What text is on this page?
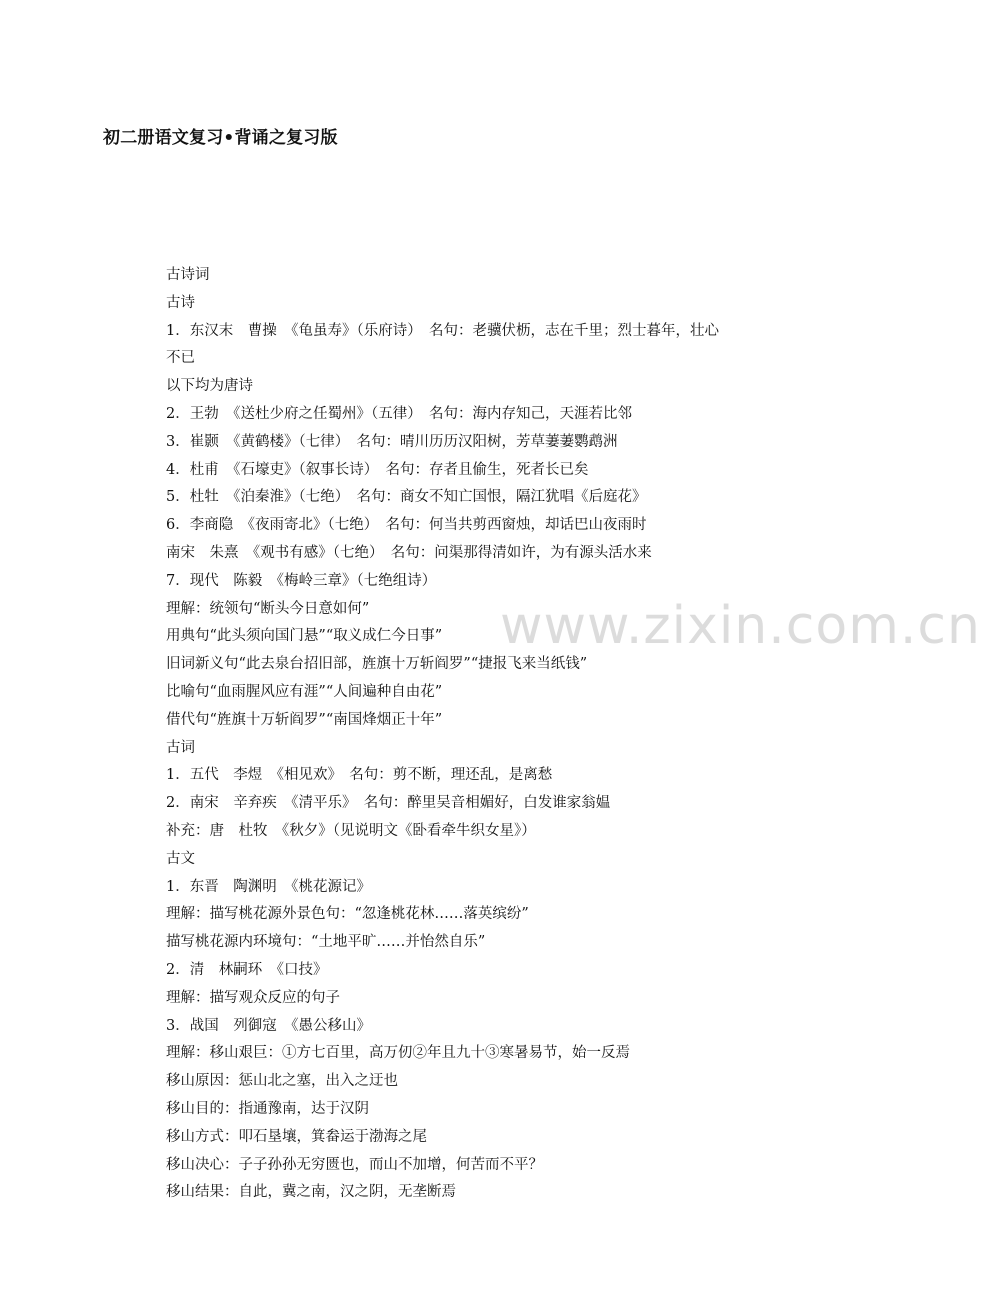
初二册语文复习•背诵之复习版
www.zixin.com.cn
古诗词
古诗
1．东汉末　曹操　《龟虽寿》（乐府诗）　名句：老骥伏枥，志在千里；烈士暮年，壮心
不已
以下均为唐诗
2．王勃　《送杜少府之任蜀州》（五律）　名句：海内存知己，天涯若比邻
3．崔颢　《黄鹤楼》（七律）　名句：晴川历历汉阳树，芳草萋萋鹦鹉洲
4．杜甫　《石壕吏》（叙事长诗）　名句：存者且偷生，死者长已矣
5．杜牡　《泊秦淮》（七绝）　名句：商女不知亡国恨，隔江犹唱《后庭花》
6．李商隐　《夜雨寄北》（七绝）　名句：何当共剪西窗烛，却话巴山夜雨时
南宋　朱熹　《观书有感》（七绝）　名句：问渠那得清如许，为有源头活水来
7．现代　陈毅　《梅岭三章》（七绝组诗）
理解：统领句“断头今日意如何”
用典句“此头须向国门悬”“取义成仁今日事”
旧词新义句“此去泉台招旧部，旌旗十万斩阎罗”“捷报飞来当纸钱”
比喻句“血雨腥风应有涯”“人间遍种自由花”
借代句“旌旗十万斩阎罗”“南国烽烟正十年”
古词
1．五代　李煜　《相见欢》　名句：剪不断，理还乱，是离愁
2．南宋　辛弃疾　《清平乐》　名句：醉里吴音相媚好，白发谁家翁媪
补充：唐　杜牧　《秋夕》（见说明文《卧看牵牛织女星》）
古文
1．东晋　陶渊明　《桃花源记》
理解：描写桃花源外景色句：“忽逢桃花林……落英缤纷”
描写桃花源内环境句：“土地平旷……并怡然自乐”
2．清　林嗣环　《口技》
理解：描写观众反应的句子
3．战国　列御寇　《愚公移山》
理解：移山艰巨：①方七百里，高万仞②年且九十③寒暑易节，始一反焉
移山原因：惩山北之塞，出入之迂也
移山目的：指通豫南，达于汉阴
移山方式：叩石垦壤，箕畚运于渤海之尾
移山决心：子子孙孙无穷匮也，而山不加增，何苦而不平？
移山结果：自此，冀之南，汉之阴，无垄断焉
